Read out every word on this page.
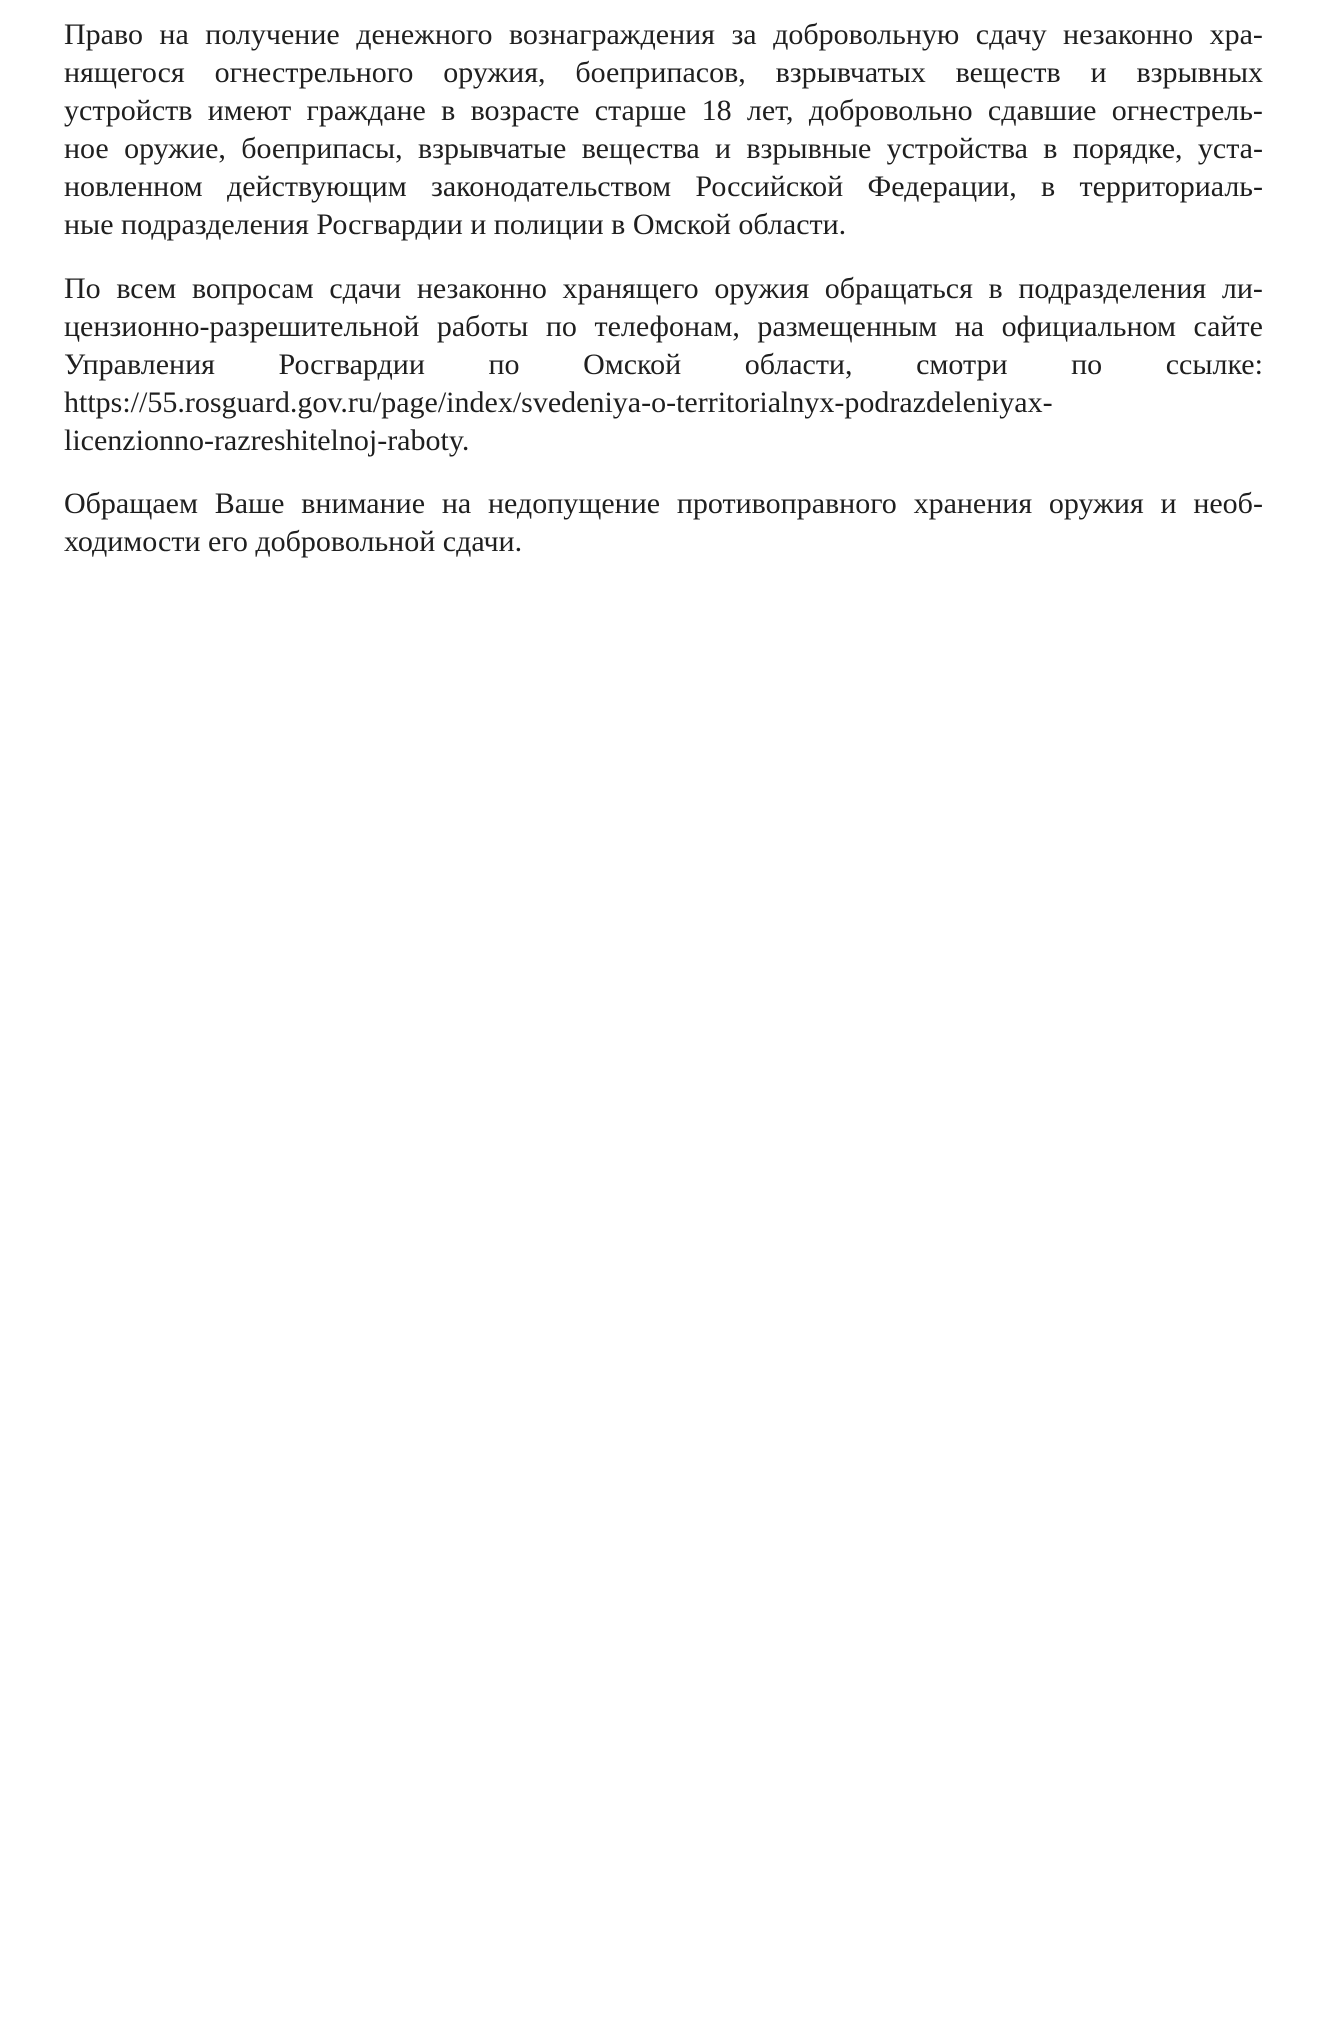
Право на получение денежного вознаграждения за добровольную сдачу незаконно хра-
нящегося огнестрельного оружия, боеприпасов, взрывчатых веществ и взрывных
устройств имеют граждане в возрасте старше 18 лет, добровольно сдавшие огнестрель-
ное оружие, боеприпасы, взрывчатые вещества и взрывные устройства в порядке, уста-
новленном действующим законодательством Российской Федерации, в территориаль-
ные подразделения Росгвардии и полиции в Омской области.
По всем вопросам сдачи незаконно хранящего оружия обращаться в подразделения ли-
цензионно-разрешительной работы по телефонам, размещенным на официальном сайте
Управления Росгвардии по Омской области, смотри по ссылке:
https://55.rosguard.gov.ru/page/index/svedeniya-o-territorialnyx-podrazdeleniyax-
licenzionno-razreshitelnoj-raboty.
Обращаем Ваше внимание на недопущение противоправного хранения оружия и необ-
ходимости его добровольной сдачи.
